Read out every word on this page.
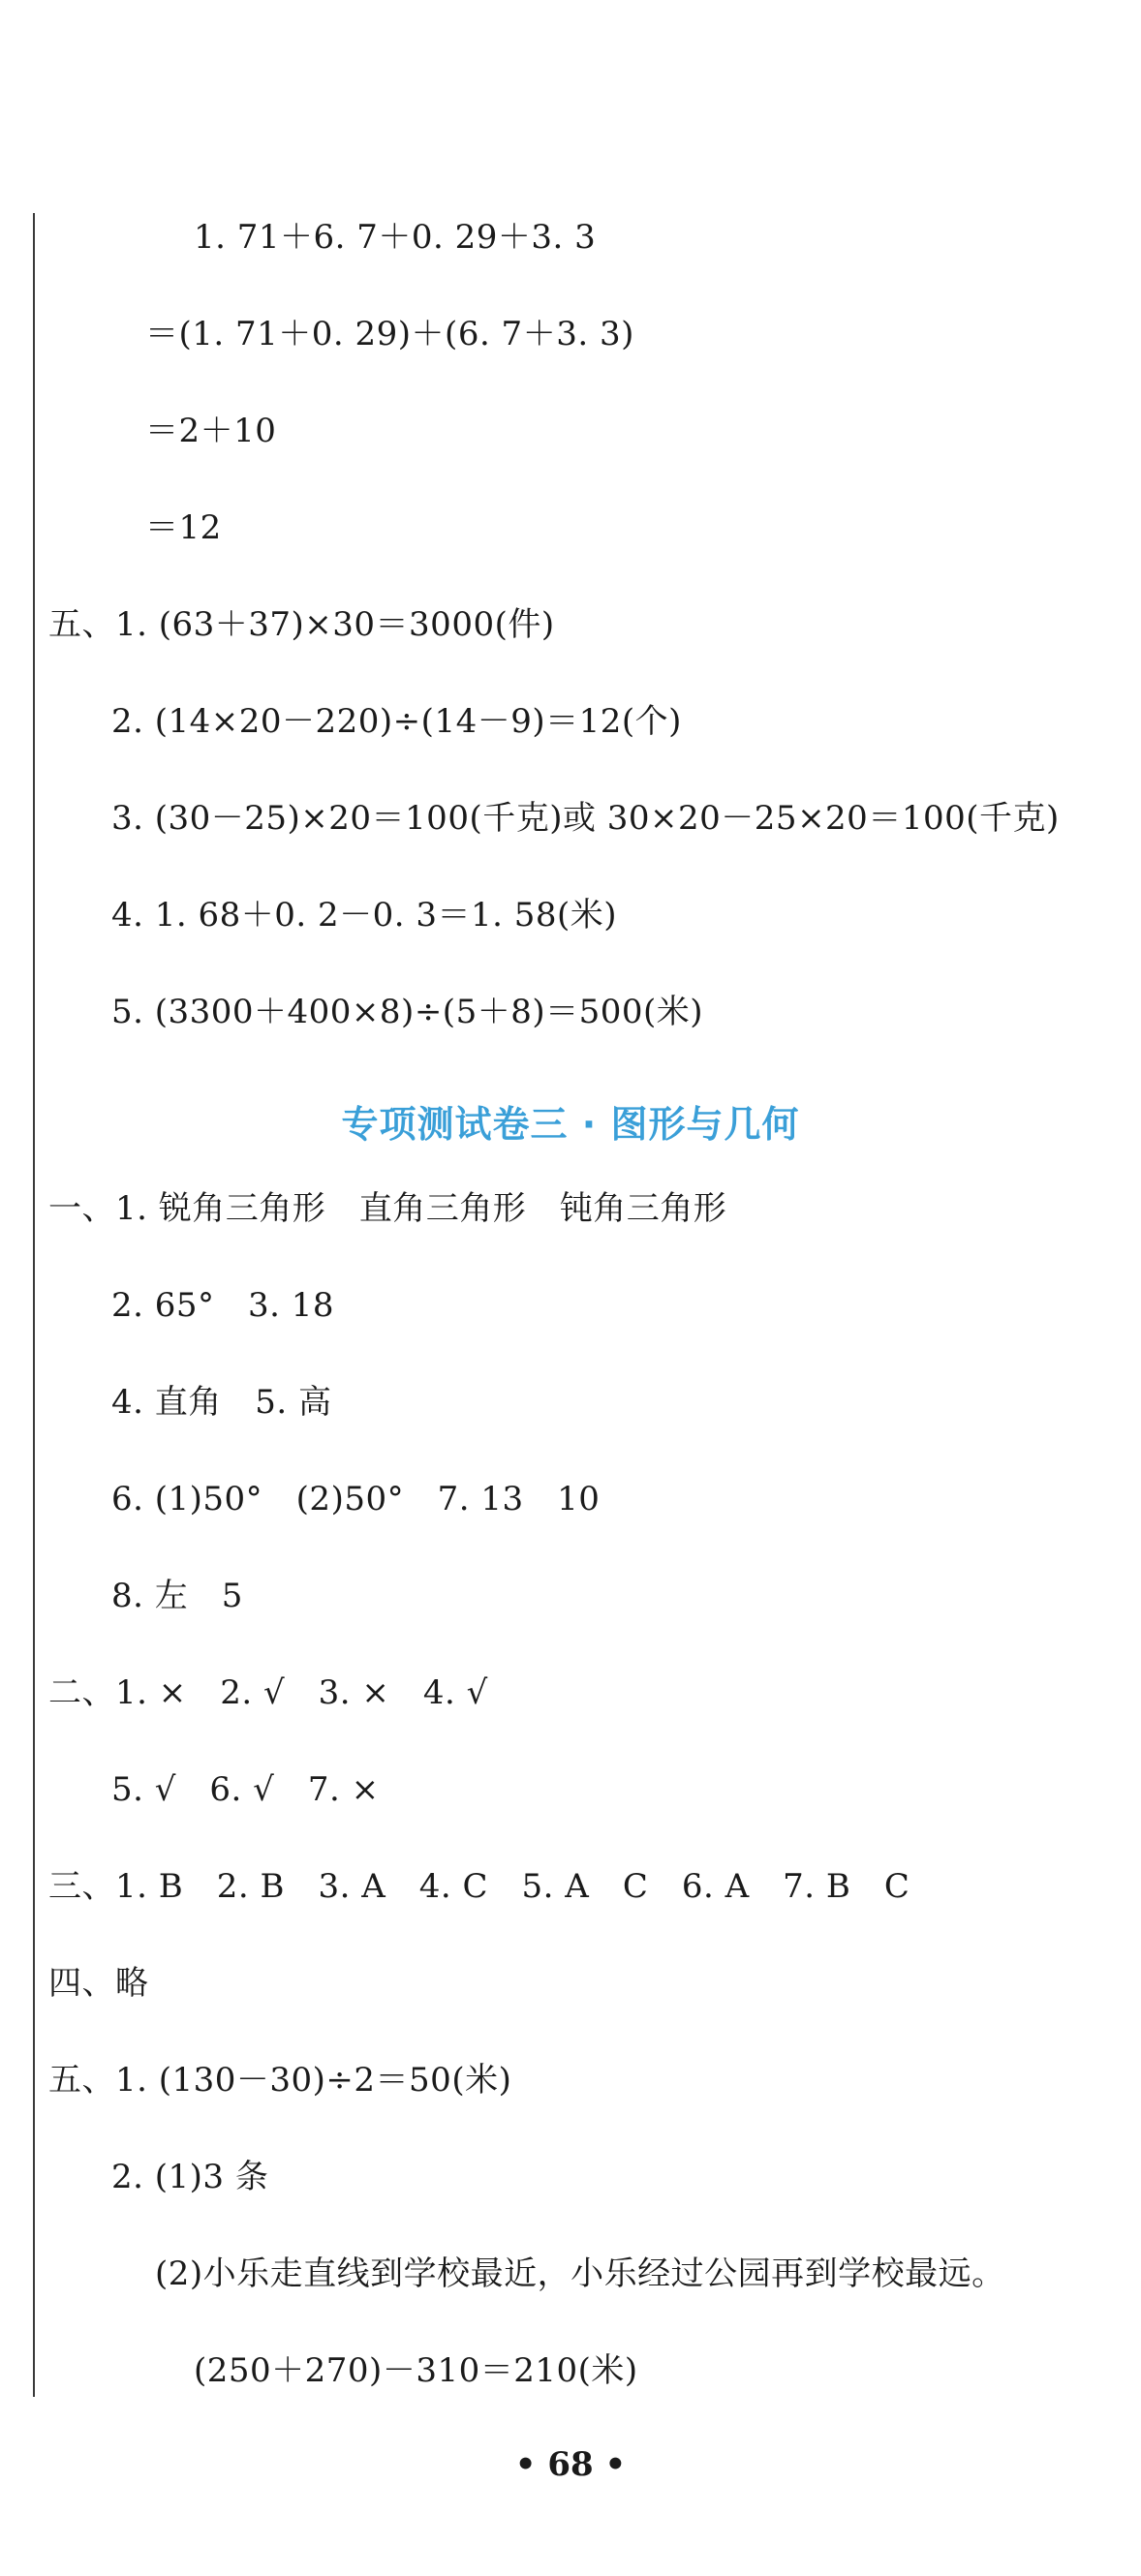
1. 71＋6. 7＋0. 29＋3. 3
＝(1. 71＋0. 29)＋(6. 7＋3. 3)
＝2＋10
＝12
五、1. (63＋37)×30＝3000(件)
2. (14×20－220)÷(14－9)＝12(个)
3. (30－25)×20＝100(千克)或 30×20－25×20＝100(千克)
4. 1. 68＋0. 2－0. 3＝1. 58(米)
5. (3300＋400×8)÷(5＋8)＝500(米)
专项测试卷三 · 图形与几何
一、1. 锐角三角形　直角三角形　钝角三角形
2. 65°　3. 18
4. 直角　5. 高
6. (1)50°　(2)50°　7. 13　10
8. 左　5
二、1. ×　2. √　3. ×　4. √
5. √　6. √　7. ×
三、1. B　2. B　3. A　4. C　5. A　C　6. A　7. B　C
四、略
五、1. (130－30)÷2＝50(米)
2. (1)3 条
(2)小乐走直线到学校最近，小乐经过公园再到学校最远。
(250＋270)－310＝210(米)
• 68 •
